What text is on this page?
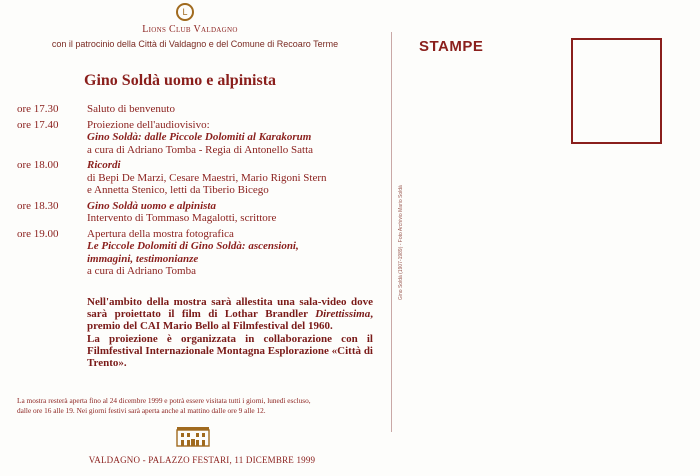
L
Lions Club Valdagno
con il patrocinio della Città di Valdagno e del Comune di Recoaro Terme
Gino Soldà uomo e alpinista
ore 17.30	Saluto di benvenuto
ore 17.40	Proiezione dell'audiovisivo:
Gino Soldà: dalle Piccole Dolomiti al Karakorum
a cura di Adriano Tomba - Regia di Antonello Satta
ore 18.00	Ricordi
di Bepi De Marzi, Cesare Maestri, Mario Rigoni Stern
e Annetta Stenico, letti da Tiberio Bicego
ore 18.30	Gino Soldà uomo e alpinista
Intervento di Tommaso Magalotti, scrittore
ore 19.00	Apertura della mostra fotografica
Le Piccole Dolomiti di Gino Soldà: ascensioni,
immagini, testimonianze
a cura di Adriano Tomba

Nell'ambito della mostra sarà allestita una sala-video dove sarà proiettato il film di Lothar Brandler Direttissima, premio del CAI Mario Bello al Filmfestival del 1960.

La proiezione è organizzata in collaborazione con il Filmfestival Internazionale Montagna Esplorazione «Città di Trento».

La mostra resterà aperta fino al 24 dicembre 1999 e potrà essere visitata tutti i giorni, lunedì escluso,
dalle ore 16 alle 19. Nei giorni festivi sarà aperta anche al mattino dalle ore 9 alle 12.
VALDAGNO - PALAZZO FESTARI, 11 DICEMBRE 1999
STAMPE
Gino Soldà (1907-1989) - Foto Archivio Mario Soldà
